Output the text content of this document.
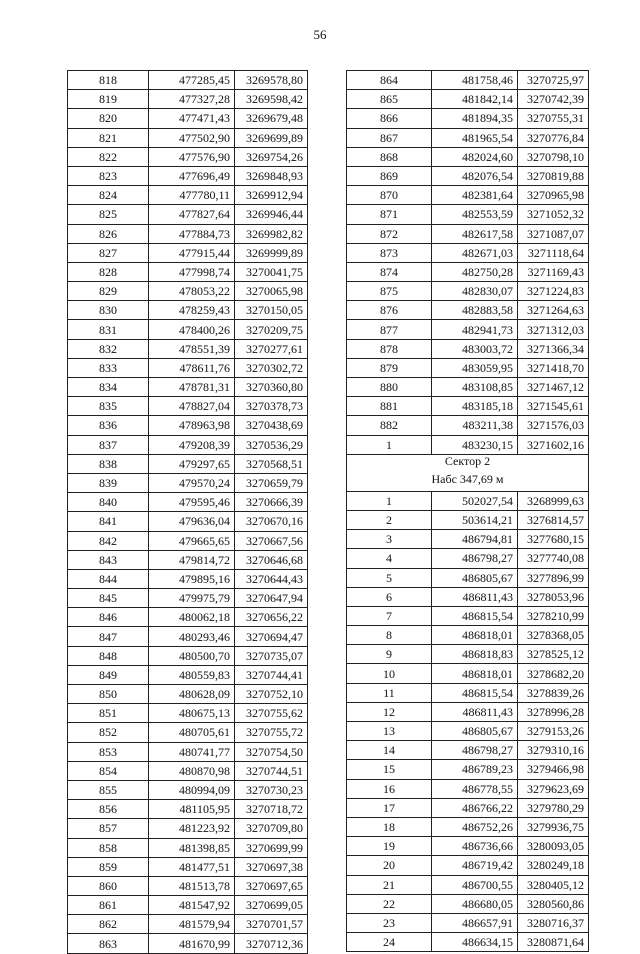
56
818	477285,45	3269578,80
819	477327,28	3269598,42
820	477471,43	3269679,48
821	477502,90	3269699,89
822	477576,90	3269754,26
823	477696,49	3269848,93
824	477780,11	3269912,94
825	477827,64	3269946,44
826	477884,73	3269982,82
827	477915,44	3269999,89
828	477998,74	3270041,75
829	478053,22	3270065,98
830	478259,43	3270150,05
831	478400,26	3270209,75
832	478551,39	3270277,61
833	478611,76	3270302,72
834	478781,31	3270360,80
835	478827,04	3270378,73
836	478963,98	3270438,69
837	479208,39	3270536,29
838	479297,65	3270568,51
839	479570,24	3270659,79
840	479595,46	3270666,39
841	479636,04	3270670,16
842	479665,65	3270667,56
843	479814,72	3270646,68
844	479895,16	3270644,43
845	479975,79	3270647,94
846	480062,18	3270656,22
847	480293,46	3270694,47
848	480500,70	3270735,07
849	480559,83	3270744,41
850	480628,09	3270752,10
851	480675,13	3270755,62
852	480705,61	3270755,72
853	480741,77	3270754,50
854	480870,98	3270744,51
855	480994,09	3270730,23
856	481105,95	3270718,72
857	481223,92	3270709,80
858	481398,85	3270699,99
859	481477,51	3270697,38
860	481513,78	3270697,65
861	481547,92	3270699,05
862	481579,94	3270701,57
863	481670,99	3270712,36
864	481758,46	3270725,97
865	481842,14	3270742,39
866	481894,35	3270755,31
867	481965,54	3270776,84
868	482024,60	3270798,10
869	482076,54	3270819,88
870	482381,64	3270965,98
871	482553,59	3271052,32
872	482617,58	3271087,07
873	482671,03	3271118,64
874	482750,28	3271169,43
875	482830,07	3271224,83
876	482883,58	3271264,63
877	482941,73	3271312,03
878	483003,72	3271366,34
879	483059,95	3271418,70
880	483108,85	3271467,12
881	483185,18	3271545,61
882	483211,38	3271576,03
1	483230,15	3271602,16

Сектор 2
Набс 347,69 м		

1	502027,54	3268999,63
2	503614,21	3276814,57
3	486794,81	3277680,15
4	486798,27	3277740,08
5	486805,67	3277896,99
6	486811,43	3278053,96
7	486815,54	3278210,99
8	486818,01	3278368,05
9	486818,83	3278525,12
10	486818,01	3278682,20
11	486815,54	3278839,26
12	486811,43	3278996,28
13	486805,67	3279153,26
14	486798,27	3279310,16
15	486789,23	3279466,98
16	486778,55	3279623,69
17	486766,22	3279780,29
18	486752,26	3279936,75
19	486736,66	3280093,05
20	486719,42	3280249,18
21	486700,55	3280405,12
22	486680,05	3280560,86
23	486657,91	3280716,37
24	486634,15	3280871,64
